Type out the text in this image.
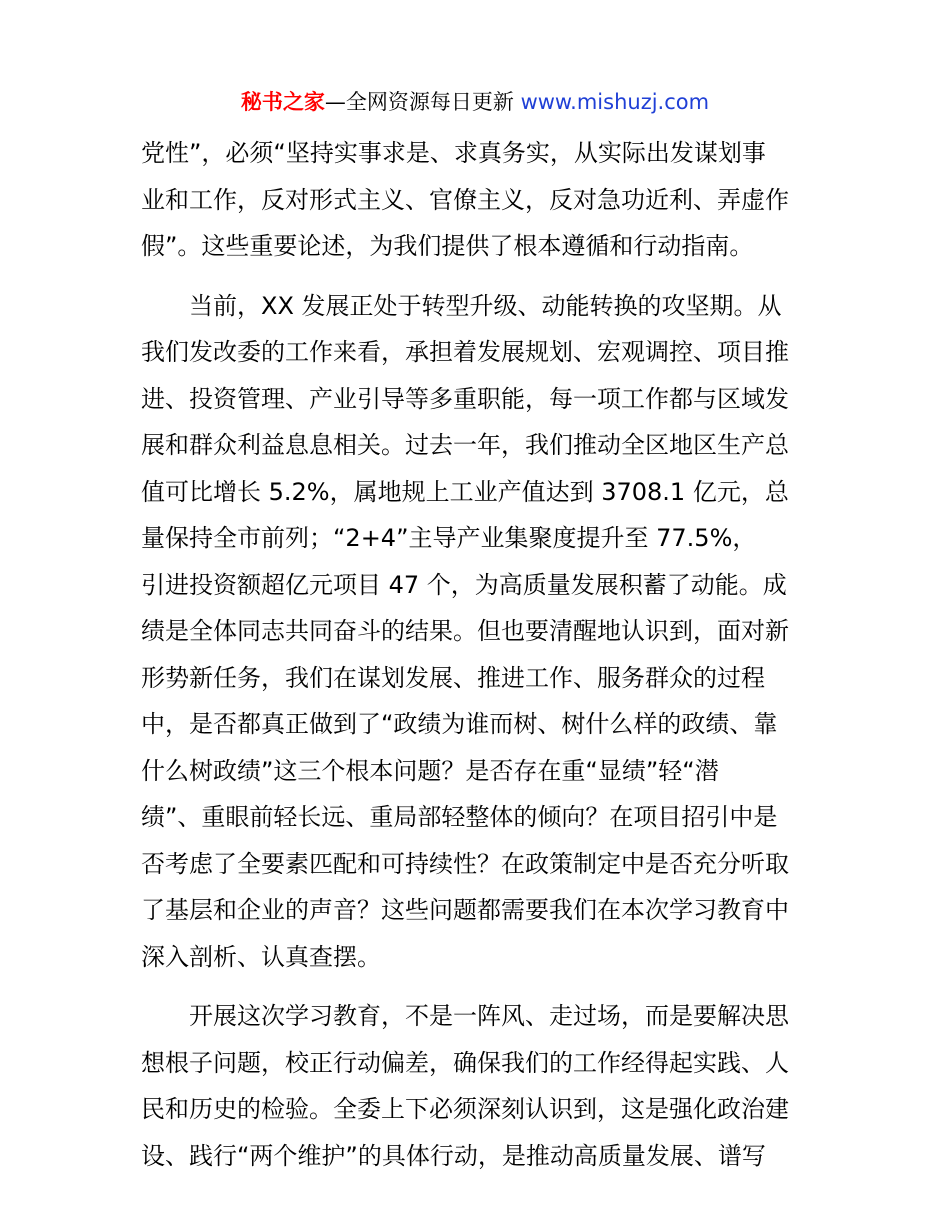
秘书之家—全网资源每日更新 www.mishuzj.com

党性”，必须“坚持实事求是、求真务实，从实际出发谋划事
业和工作，反对形式主义、官僚主义，反对急功近利、弄虚作
假”。这些重要论述，为我们提供了根本遵循和行动指南。

当前，XX 发展正处于转型升级、动能转换的攻坚期。从
我们发改委的工作来看，承担着发展规划、宏观调控、项目推
进、投资管理、产业引导等多重职能，每一项工作都与区域发
展和群众利益息息相关。过去一年，我们推动全区地区生产总
值可比增长 5.2%，属地规上工业产值达到 3708.1 亿元，总
量保持全市前列；“2+4”主导产业集聚度提升至 77.5%，
引进投资额超亿元项目 47 个，为高质量发展积蓄了动能。成
绩是全体同志共同奋斗的结果。但也要清醒地认识到，面对新
形势新任务，我们在谋划发展、推进工作、服务群众的过程
中，是否都真正做到了“政绩为谁而树、树什么样的政绩、靠
什么树政绩”这三个根本问题？是否存在重“显绩”轻“潜
绩”、重眼前轻长远、重局部轻整体的倾向？在项目招引中是
否考虑了全要素匹配和可持续性？在政策制定中是否充分听取
了基层和企业的声音？这些问题都需要我们在本次学习教育中
深入剖析、认真查摆。

开展这次学习教育，不是一阵风、走过场，而是要解决思
想根子问题，校正行动偏差，确保我们的工作经得起实践、人
民和历史的检验。全委上下必须深刻认识到，这是强化政治建
设、践行“两个维护”的具体行动，是推动高质量发展、谱写
